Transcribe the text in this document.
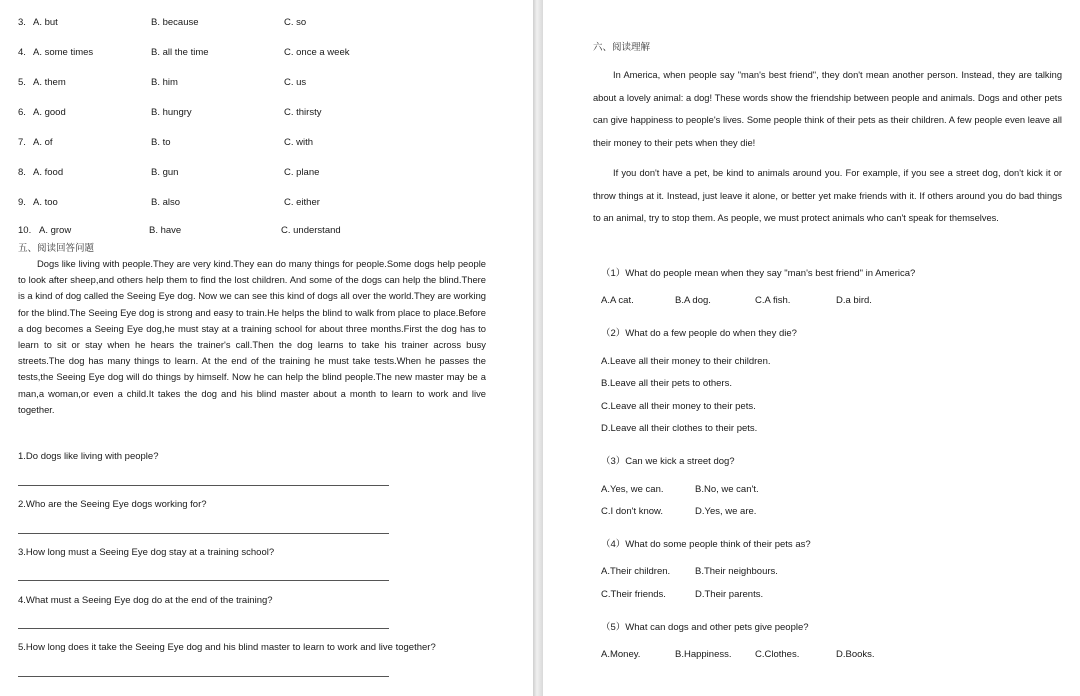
3. A. but	B. because	C. so
4. A. some times	B. all the time	C. once a week
5. A. them	B. him	C. us
6. A. good	B. hungry	C. thirsty
7. A. of	B. to	C. with
8. A. food	B. gun	C. plane
9. A. too	B. also	C. either
10. A. grow	B. have	C. understand
五、阅读回答问题

Dogs like living with people.They are very kind.They ean do many things for people.Some dogs help people to look after sheep,and others help them to find the lost children. And some of the dogs can help the blind.There is a kind of dog called the Seeing Eye dog. Now we can see this kind of dogs all over the world.They are working for the blind.The Seeing Eye dog is strong and easy to train.He helps the blind to walk from place to place.Before a dog becomes a Seeing Eye dog,he must stay at a training school for about three months.First the dog has to learn to sit or stay when he hears the trainer's call.Then the dog learns to take his trainer across busy streets.The dog has many things to learn. At the end of the training he must take tests.When he passes the tests,the Seeing Eye dog will do things by himself. Now he can help the blind people.The new master may be a man,a woman,or even a child.It takes the dog and his blind master about a month to learn to work and live together.

1.Do dogs like living with people?
2.Who are the Seeing Eye dogs working for?
3.How long must a Seeing Eye dog stay at a training school?
4.What must a Seeing Eye dog do at the end of the training?
5.How long does it take the Seeing Eye dog and his blind master to learn to work and live together?
六、阅读理解

In America, when people say "man's best friend", they don't mean another person. Instead, they are talking about a lovely animal: a dog! These words show the friendship between people and animals. Dogs and other pets can give happiness to people's lives. Some people think of their pets as their children. A few people even leave all their money to their pets when they die!

If you don't have a pet, be kind to animals around you. For example, if you see a street dog, don't kick it or throw things at it. Instead, just leave it alone, or better yet make friends with it. If others around you do bad things to an animal, try to stop them. As people, we must protect animals who can't speak for themselves.

（1）What do people mean when they say "man's best friend" in America?
A.A cat.	B.A dog.	C.A fish.	D.a bird.
（2）What do a few people do when they die?
A.Leave all their money to their children.
B.Leave all their pets to others.
C.Leave all their money to their pets.
D.Leave all their clothes to their pets.
（3）Can we kick a street dog?
A.Yes, we can.	B.No, we can't.
C.I don't know.	D.Yes, we are.
（4）What do some people think of their pets as?
A.Their children.	B.Their neighbours.
C.Their friends.	D.Their parents.
（5）What can dogs and other pets give people?
A.Money.	B.Happiness. C.Clothes.	D.Books.
